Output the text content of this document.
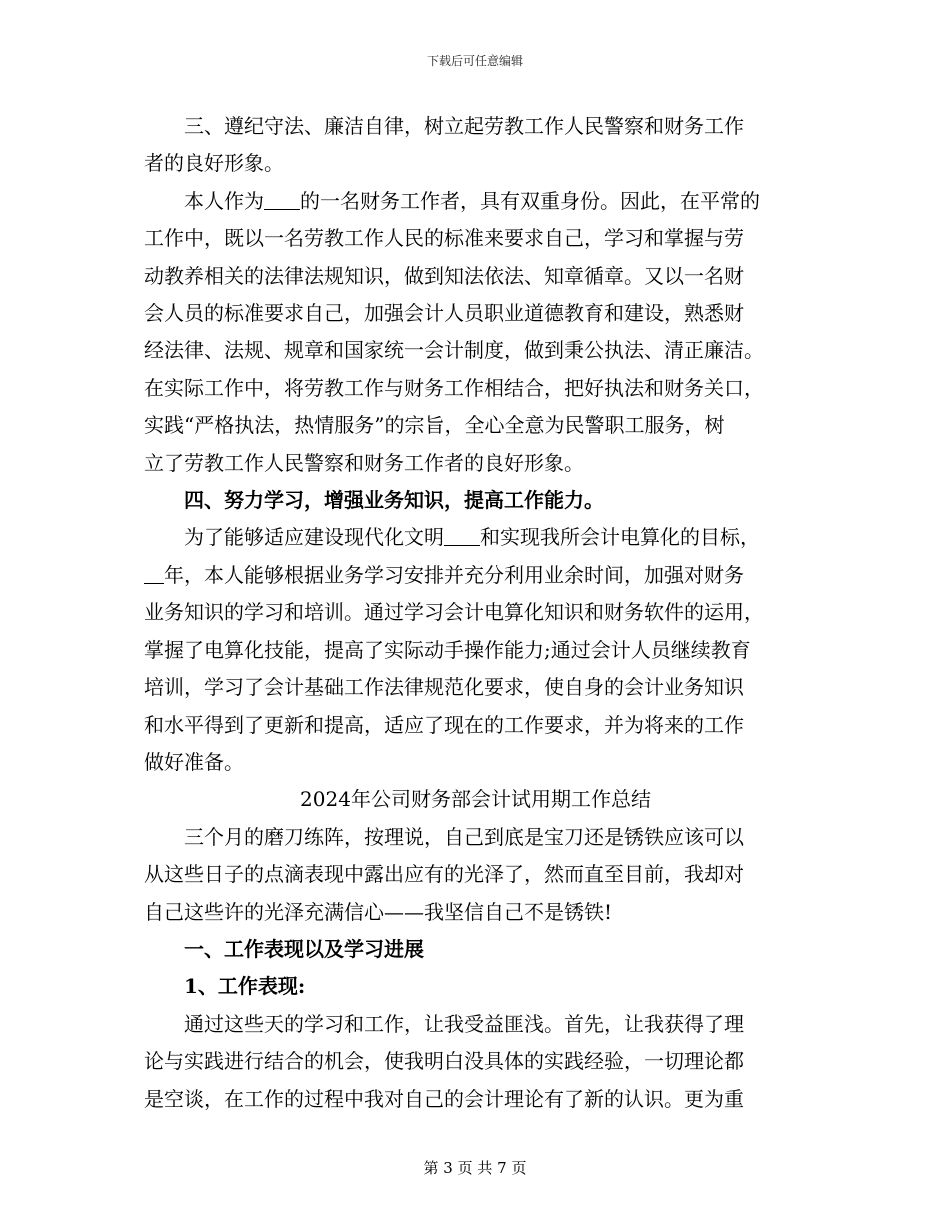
下载后可任意编辑

三、遵纪守法、廉洁自律，树立起劳教工作人民警察和财务工作
者的良好形象。

本人作为 的一名财务工作者，具有双重身份。因此，在平常的
工作中，既以一名劳教工作人民的标准来要求自己，学习和掌握与劳
动教养相关的法律法规知识，做到知法依法、知章循章。又以一名财
会人员的标准要求自己，加强会计人员职业道德教育和建设，熟悉财
经法律、法规、规章和国家统一会计制度，做到秉公执法、清正廉洁。
在实际工作中，将劳教工作与财务工作相结合，把好执法和财务关口，
实践“严格执法，热情服务”的宗旨，全心全意为民警职工服务，树
立了劳教工作人民警察和财务工作者的良好形象。

四、努力学习，增强业务知识，提高工作能力。

为了能够适应建设现代化文明 和实现我所会计电算化的目标，
年，本人能够根据业务学习安排并充分利用业余时间，加强对财务
业务知识的学习和培训。通过学习会计电算化知识和财务软件的运用，
掌握了电算化技能，提高了实际动手操作能力;通过会计人员继续教育
培训，学习了会计基础工作法律规范化要求，使自身的会计业务知识
和水平得到了更新和提高，适应了现在的工作要求，并为将来的工作
做好准备。

2024年公司财务部会计试用期工作总结

三个月的磨刀练阵，按理说，自己到底是宝刀还是锈铁应该可以
从这些日子的点滴表现中露出应有的光泽了，然而直至目前，我却对
自己这些许的光泽充满信心——我坚信自己不是锈铁!

一、工作表现以及学习进展

1、工作表现:

通过这些天的学习和工作，让我受益匪浅。首先，让我获得了理
论与实践进行结合的机会，使我明白没具体的实践经验，一切理论都
是空谈，在工作的过程中我对自己的会计理论有了新的认识。更为重

第 3 页 共 7 页
